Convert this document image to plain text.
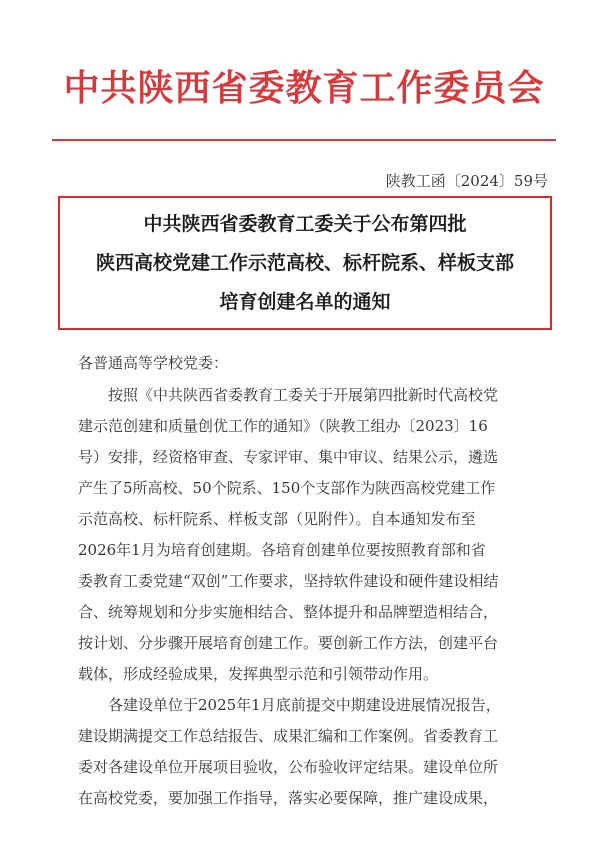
中共陕西省委教育工作委员会
陕教工函〔2024〕59号
中共陕西省委教育工委关于公布第四批
陕西高校党建工作示范高校、标杆院系、样板支部
培育创建名单的通知
各普通高等学校党委：
　　按照《中共陕西省委教育工委关于开展第四批新时代高校党
建示范创建和质量创优工作的通知》（陕教工组办〔2023〕16
号）安排，经资格审查、专家评审、集中审议、结果公示，遴选
产生了5所高校、50个院系、150个支部作为陕西高校党建工作
示范高校、标杆院系、样板支部（见附件）。自本通知发布至
2026年1月为培育创建期。各培育创建单位要按照教育部和省
委教育工委党建“双创”工作要求，坚持软件建设和硬件建设相结
合、统筹规划和分步实施相结合、整体提升和品牌塑造相结合，
按计划、分步骤开展培育创建工作。要创新工作方法，创建平台
载体，形成经验成果，发挥典型示范和引领带动作用。
　　各建设单位于2025年1月底前提交中期建设进展情况报告，
建设期满提交工作总结报告、成果汇编和工作案例。省委教育工
委对各建设单位开展项目验收，公布验收评定结果。建设单位所
在高校党委，要加强工作指导，落实必要保障，推广建设成果，
